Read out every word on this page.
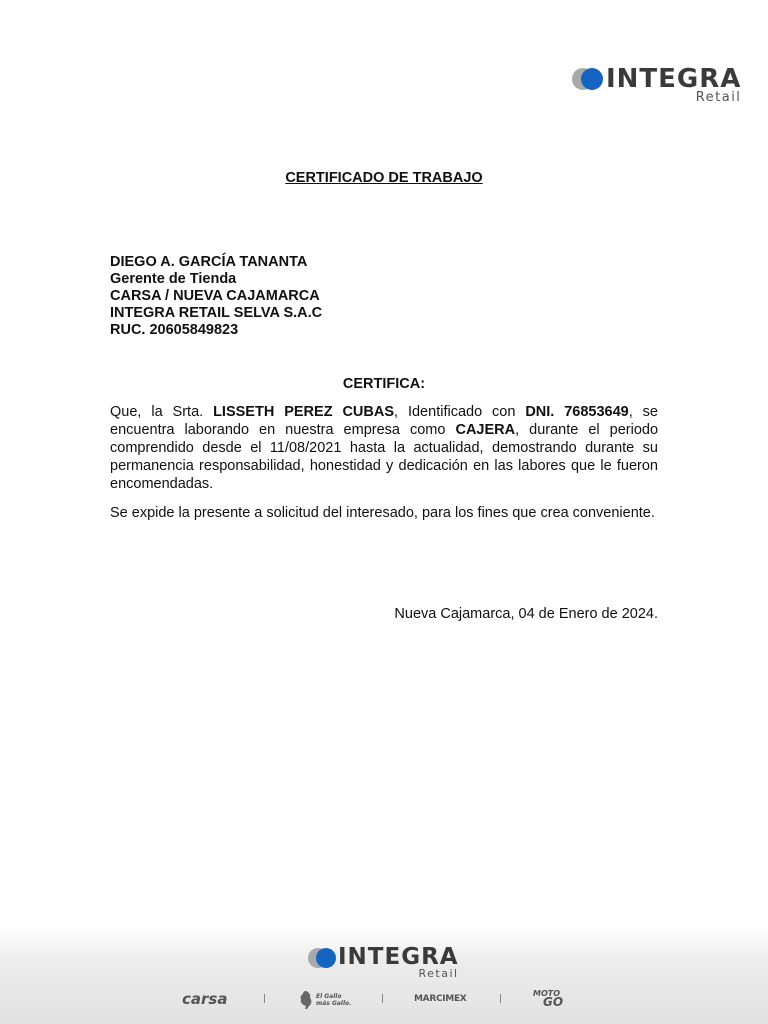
INTEGRA
Retail
CERTIFICADO DE TRABAJO
DIEGO A. GARCÍA TANANTA
Gerente de Tienda
CARSA / NUEVA CAJAMARCA
INTEGRA RETAIL SELVA S.A.C
RUC. 20605849823
CERTIFICA:
Que, la Srta. LISSETH PEREZ CUBAS, Identificado con DNI. 76853649, se encuentra laborando en nuestra empresa como CAJERA, durante el periodo comprendido desde el 11/08/2021 hasta la actualidad, demostrando durante su permanencia responsabilidad, honestidad y dedicación en las labores que le fueron encomendadas.
Se expide la presente a solicitud del interesado, para los fines que crea conveniente.
Nueva Cajamarca, 04 de Enero de 2024.
INTEGRA
Retail
carsa	El Gallo
más Gallo.	MARCIMEX
MOTO
GO
